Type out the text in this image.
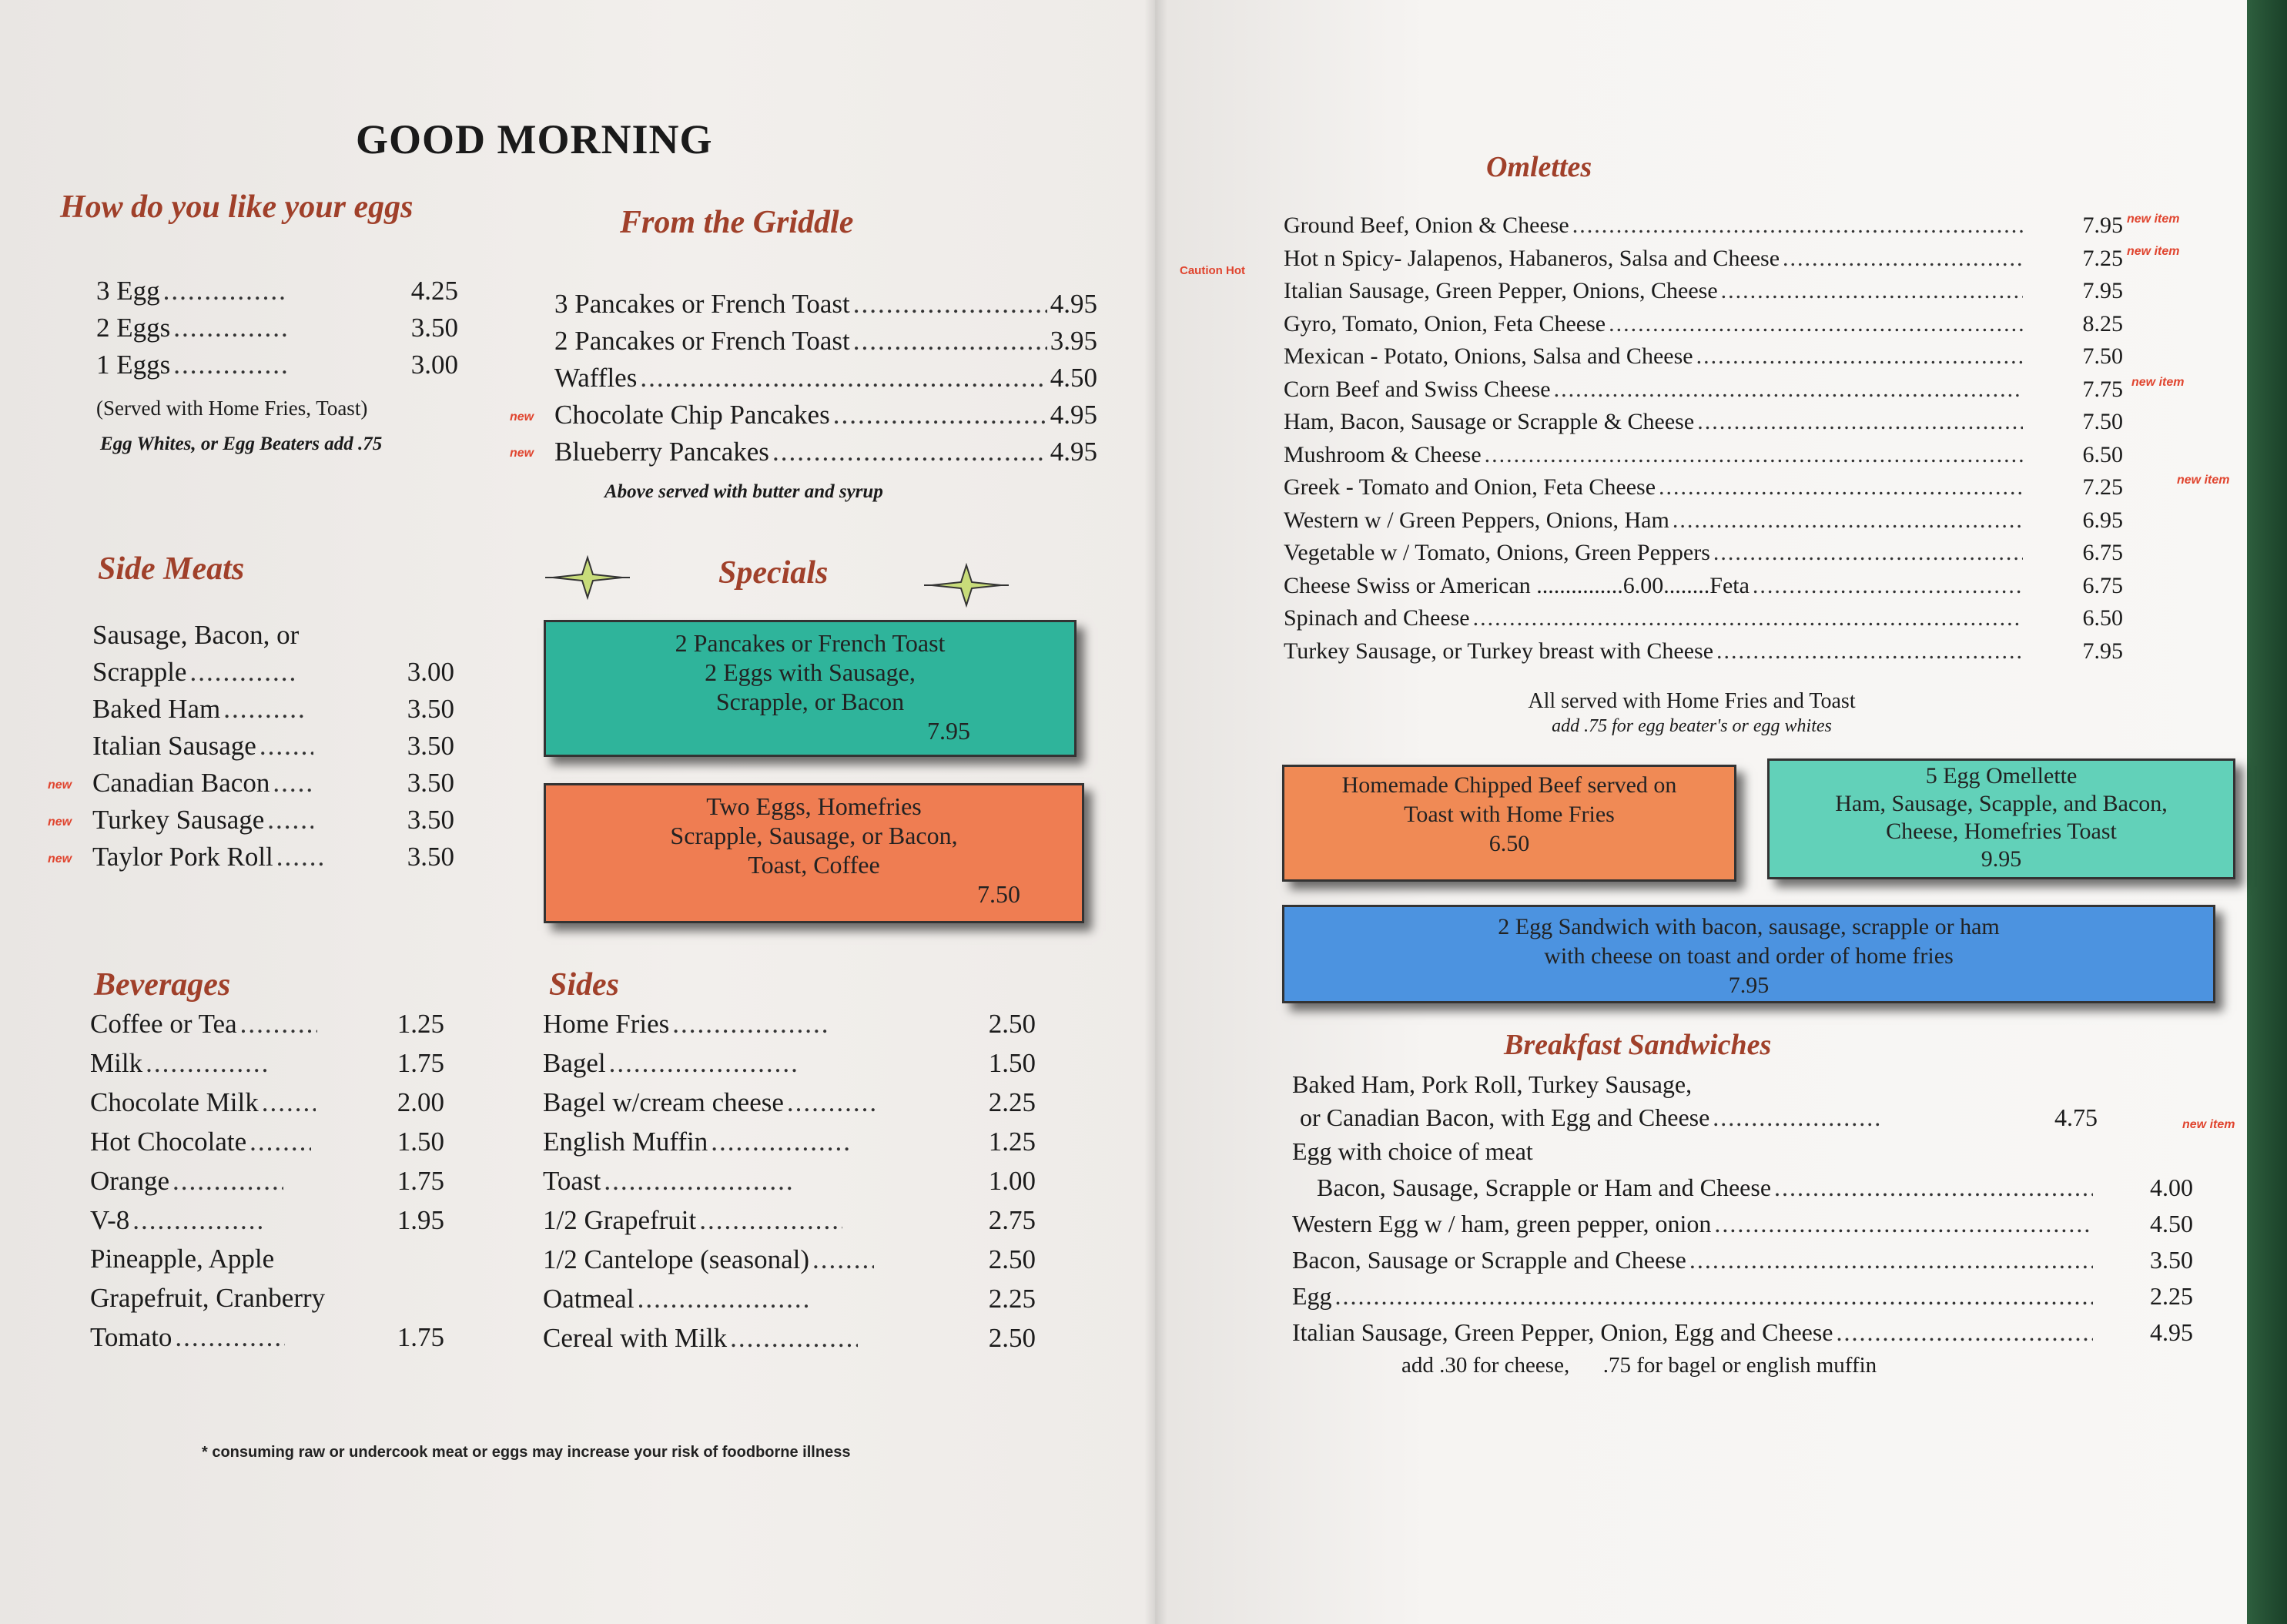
GOOD MORNING
How do you like your eggs
3 Egg .....	4.25
2 Eggs .....	3.50
1 Eggs .....	3.00
(Served with Home Fries, Toast)
Egg Whites, or Egg Beaters add .75
From the Griddle
3 Pancakes or French Toast .....	4.95
2 Pancakes or French Toast .....	3.95
Waffles .....	4.50
Chocolate Chip Pancakes .....	4.95
Blueberry Pancakes .....	4.95
new
new
Above served with butter and syrup
Side Meats
Sausage, Bacon, or
Scrapple .....	3.00
Baked Ham .....	3.50
Italian Sausage .....	3.50
Canadian Bacon .....	3.50
Turkey Sausage .....	3.50
Taylor Pork Roll .....	3.50
new
new
new
Specials
2 Pancakes or French Toast
2 Eggs with Sausage,
Scrapple, or Bacon
7.95
Two Eggs, Homefries
Scrapple, Sausage, or Bacon,
Toast, Coffee
7.50
Beverages
Coffee or Tea .....	1.25
Milk .....	1.75
Chocolate Milk .....	2.00
Hot Chocolate .....	1.50
Orange .....	1.75
V-8 .....	1.95
Pineapple, Apple
Grapefruit, Cranberry
Tomato .....	1.75
Sides
Home Fries .....	2.50
Bagel .....	1.50
Bagel w/cream cheese .....	2.25
English Muffin .....	1.25
Toast .....	1.00
1/2 Grapefruit .....	2.75
1/2 Cantelope (seasonal) .....	2.50
Oatmeal .....	2.25
Cereal with Milk .....	2.50
* consuming raw or undercook meat or eggs may increase your risk of foodborne illness
Omlettes
Caution Hot
Ground Beef, Onion & Cheese .....	7.95
Hot n Spicy- Jalapenos, Habaneros, Salsa and Cheese .....	7.25
Italian Sausage, Green Pepper, Onions, Cheese .....	7.95
Gyro, Tomato, Onion, Feta Cheese .....	8.25
Mexican - Potato, Onions, Salsa and Cheese .....	7.50
Corn Beef and Swiss Cheese .....	7.75
Ham, Bacon, Sausage or Scrapple & Cheese .....	7.50
Mushroom & Cheese .....	6.50
Greek - Tomato and Onion, Feta Cheese .....	7.25
Western w / Green Peppers, Onions, Ham .....	6.95
Vegetable w / Tomato, Onions, Green Peppers .....	6.75
Cheese Swiss or American ...............6.00........Feta .....	6.75
Spinach and Cheese .....	6.50
Turkey Sausage, or Turkey breast with Cheese .....	7.95
new item
new item
new item
new item
All served with Home Fries and Toast
add .75 for egg beater's or egg whites
Homemade Chipped Beef served on
Toast with Home Fries
6.50
5 Egg Omellette
Ham, Sausage, Scapple, and Bacon,
Cheese, Homefries Toast
9.95
2 Egg Sandwich with bacon, sausage, scrapple or ham
with cheese on toast and order of home fries
7.95
Breakfast Sandwiches
Baked Ham, Pork Roll, Turkey Sausage,
or Canadian Bacon, with Egg and Cheese .....	4.75	new item
Egg with choice of meat
Bacon, Sausage, Scrapple or Ham and Cheese .....	4.00
Western Egg w / ham, green pepper, onion .....	4.50
Bacon, Sausage or Scrapple and Cheese .....	3.50
Egg .....	2.25
Italian Sausage, Green Pepper, Onion, Egg and Cheese .....	4.95
add .30 for cheese,      .75 for bagel or english muffin
